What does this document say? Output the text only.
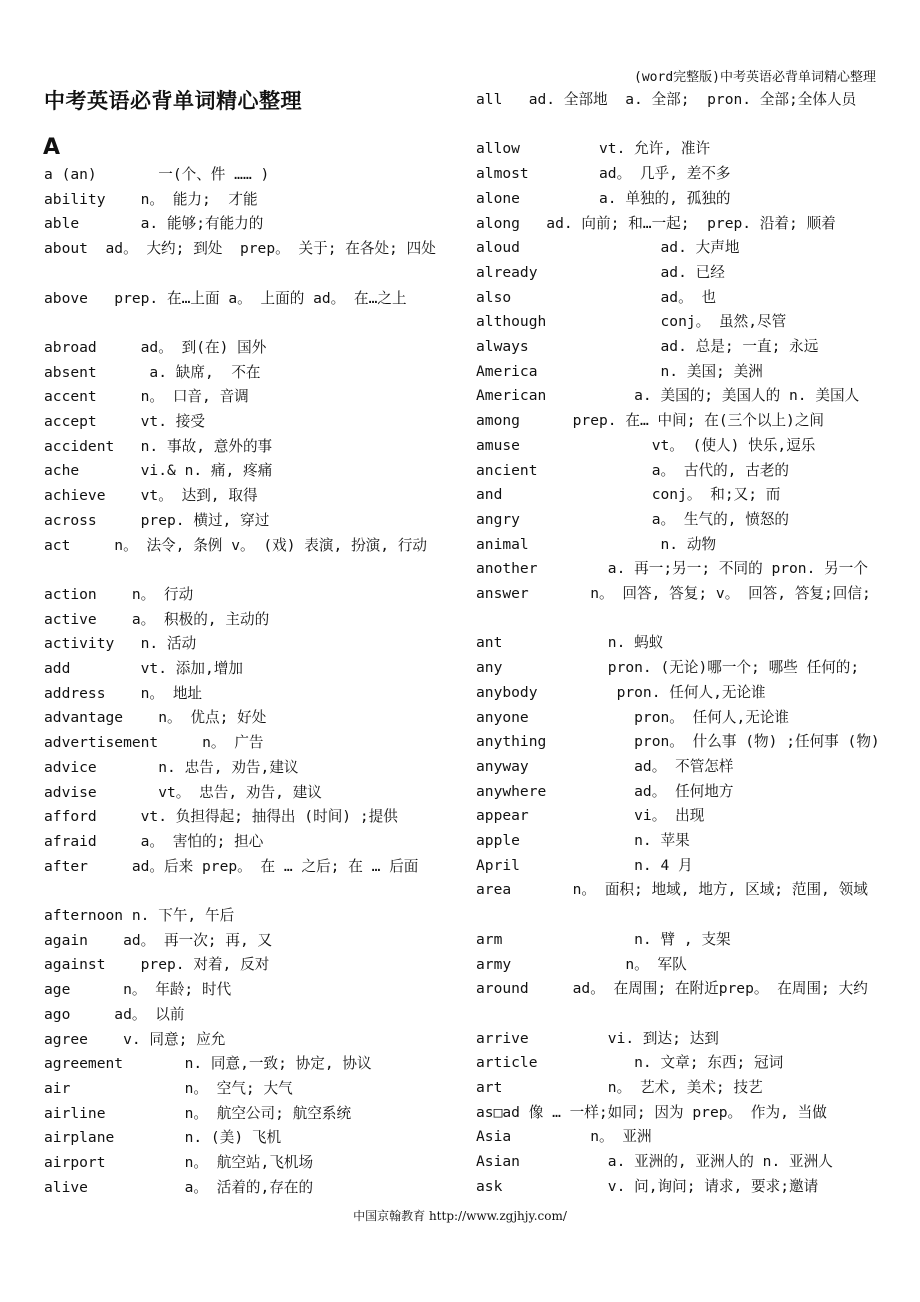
(word完整版)中考英语必背单词精心整理
中考英语必背单词精心整理
A
a (an)       一(个、件 …… )
ability    n。 能力;  才能
able       a. 能够;有能力的
about  ad。 大约; 到处  prep。 关于; 在各处; 四处
above   prep. 在…上面 a。 上面的 ad。 在…之上
abroad     ad。 到(在) 国外
absent      a. 缺席,  不在
accent     n。 口音, 音调
accept     vt. 接受
accident   n. 事故, 意外的事
ache       vi.& n. 痛, 疼痛
achieve    vt。 达到, 取得
across     prep. 横过, 穿过
act     n。 法令, 条例 v。 (戏) 表演, 扮演, 行动
action    n。 行动
active    a。 积极的, 主动的
activity   n. 活动
add        vt. 添加,增加
address    n。 地址
advantage    n。 优点; 好处
advertisement     n。 广告
advice       n. 忠告, 劝告,建议
advise       vt。 忠告, 劝告, 建议
afford     vt. 负担得起; 抽得出 (时间) ;提供
afraid     a。 害怕的; 担心
after     ad。后来 prep。 在 … 之后; 在 … 后面
afternoon n. 下午, 午后
again    ad。 再一次; 再, 又
against    prep. 对着, 反对
age      n。 年龄; 时代
ago     ad。 以前
agree    v. 同意; 应允
agreement       n. 同意,一致; 协定, 协议
air             n。 空气; 大气
airline         n。 航空公司; 航空系统
airplane        n. (美) 飞机
airport         n。 航空站,飞机场
alive           a。 活着的,存在的
all   ad. 全部地  a. 全部;  pron. 全部;全体人员
allow         vt. 允许, 准许
almost        ad。 几乎, 差不多
alone         a. 单独的, 孤独的
along   ad. 向前; 和…一起;  prep. 沿着; 顺着
aloud                ad. 大声地
already              ad. 已经
also                 ad。 也
although             conj。 虽然,尽管
always               ad. 总是; 一直; 永远
America              n. 美国; 美洲
American          a. 美国的; 美国人的 n. 美国人
among      prep. 在… 中间; 在(三个以上)之间
amuse               vt。 (使人) 快乐,逗乐
ancient             a。 古代的, 古老的
and                 conj。 和;又; 而
angry               a。 生气的, 愤怒的
animal               n. 动物
another        a. 再一;另一; 不同的 pron. 另一个
answer       n。 回答, 答复; v。 回答, 答复;回信;
ant            n. 蚂蚁
any            pron. (无论)哪一个; 哪些 任何的;
anybody         pron. 任何人,无论谁
anyone            pron。 任何人,无论谁
anything          pron。 什么事 (物) ;任何事 (物)
anyway            ad。 不管怎样
anywhere          ad。 任何地方
appear            vi。 出现
apple             n. 苹果
April             n. 4 月
area       n。 面积; 地域, 地方, 区域; 范围, 领域
arm               n. 臂 , 支架
army             n。 军队
around     ad。 在周围; 在附近prep。 在周围; 大约
arrive         vi. 到达; 达到
article           n. 文章; 东西; 冠词
art            n。 艺术, 美术; 技艺
as□ad 像 … 一样;如同; 因为 prep。 作为, 当做
Asia         n。 亚洲
Asian          a. 亚洲的, 亚洲人的 n. 亚洲人
ask            v. 问,询问; 请求, 要求;邀请
中国京翰教育 http://www.zgjhjy.com/
